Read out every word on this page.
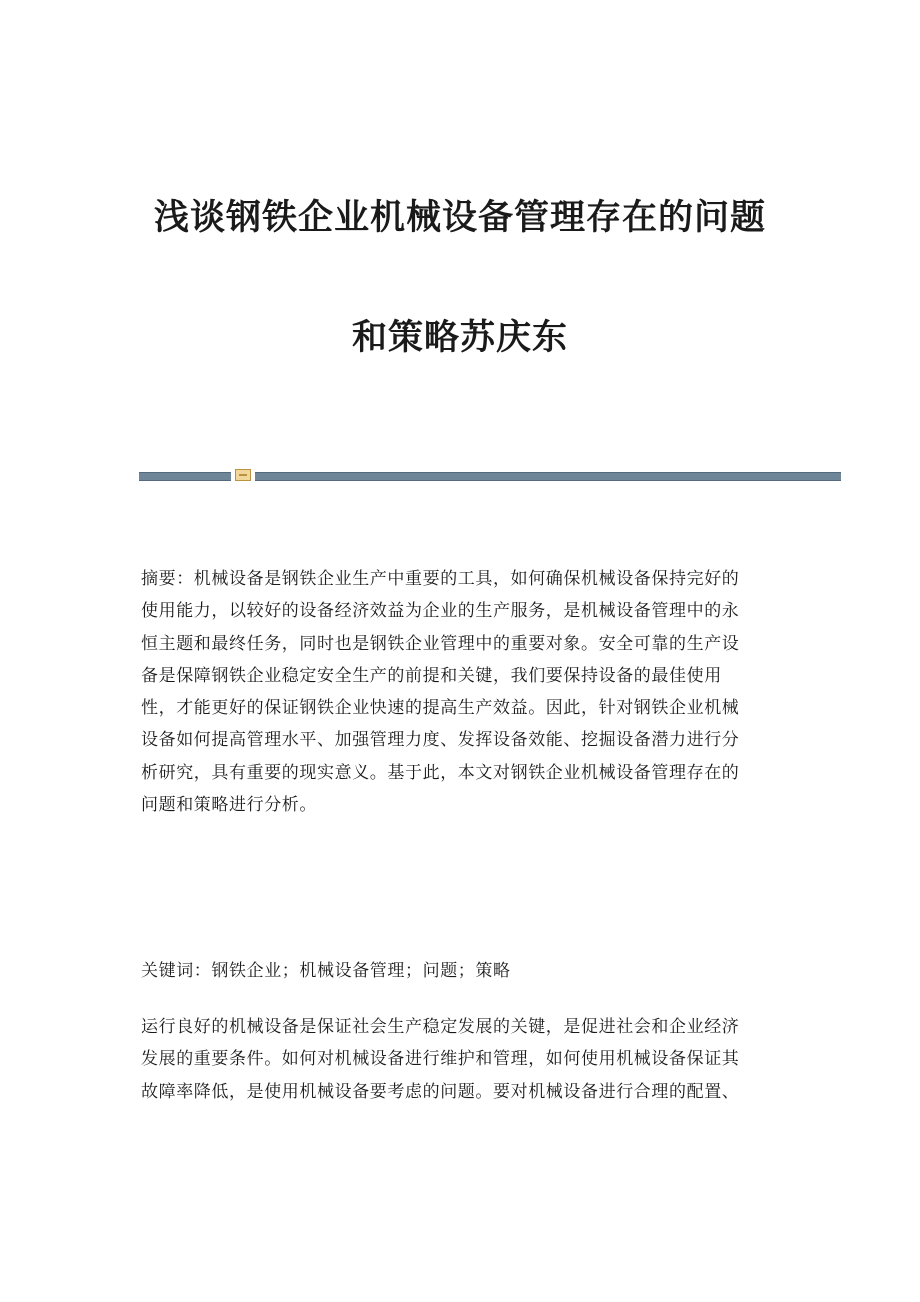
浅谈钢铁企业机械设备管理存在的问题
和策略苏庆东

摘要：机械设备是钢铁企业生产中重要的工具，如何确保机械设备保持完好的

使用能力，以较好的设备经济效益为企业的生产服务，是机械设备管理中的永

恒主题和最终任务，同时也是钢铁企业管理中的重要对象。安全可靠的生产设

备是保障钢铁企业稳定安全生产的前提和关键，我们要保持设备的最佳使用

性，才能更好的保证钢铁企业快速的提高生产效益。因此，针对钢铁企业机械

设备如何提高管理水平、加强管理力度、发挥设备效能、挖掘设备潜力进行分

析研究，具有重要的现实意义。基于此，本文对钢铁企业机械设备管理存在的

问题和策略进行分析。

关键词：钢铁企业；机械设备管理；问题；策略

运行良好的机械设备是保证社会生产稳定发展的关键，是促进社会和企业经济

发展的重要条件。如何对机械设备进行维护和管理，如何使用机械设备保证其

故障率降低，是使用机械设备要考虑的问题。要对机械设备进行合理的配置、
